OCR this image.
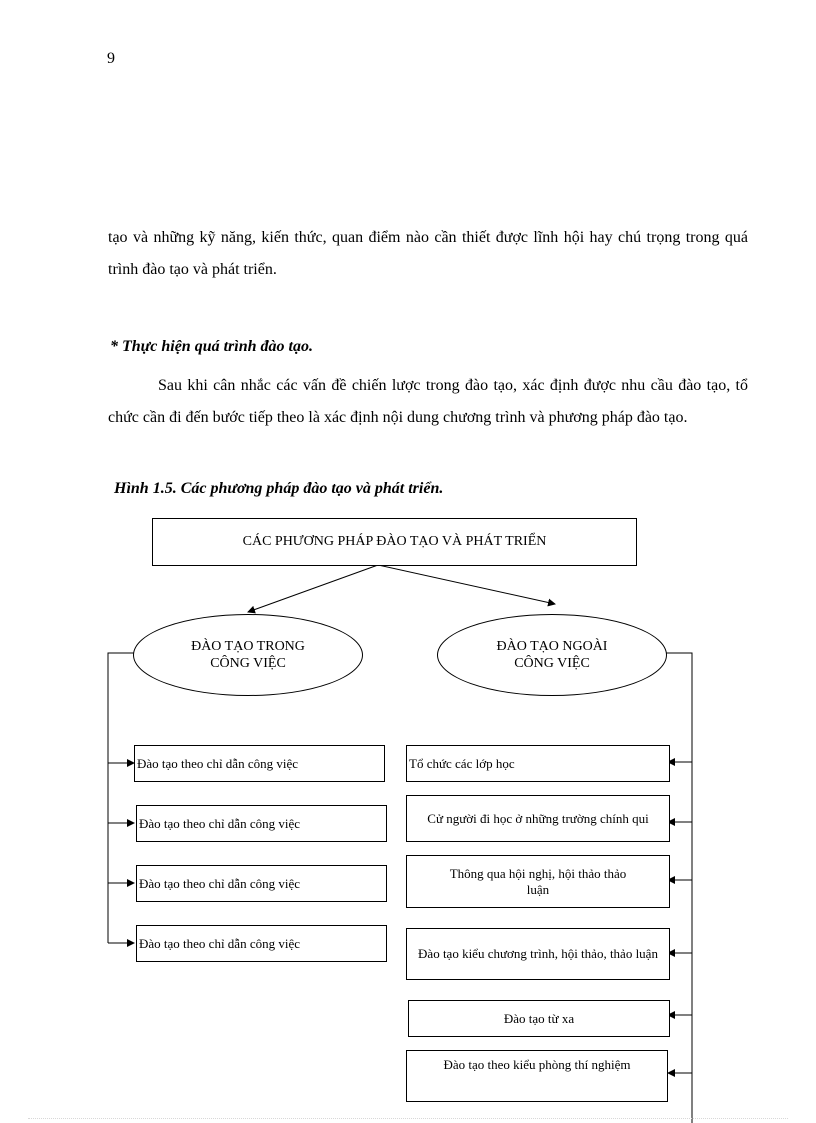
9
tạo và những kỹ năng, kiến thức, quan điểm nào cần thiết được lĩnh hội hay chú trọng trong quá trình đào tạo và phát triển.
* Thực hiện quá trình đào tạo.
Sau khi cân nhắc các vấn đề chiến lược trong đào tạo, xác định được nhu cầu đào tạo, tổ chức cần đi đến bước tiếp theo là xác định nội dung chương trình và phương pháp đào tạo.
Hình 1.5. Các phương pháp đào tạo và phát triển.
CÁC PHƯƠNG PHÁP ĐÀO TẠO VÀ PHÁT TRIỂN
ĐÀO TẠO TRONG CÔNG VIỆC
ĐÀO TẠO NGOÀI CÔNG VIỆC
Đào tạo theo chỉ dẫn công việc
Đào tạo theo chỉ dẫn công việc
Đào tạo theo chỉ dẫn công việc
Đào tạo theo chỉ dẫn công việc
Tổ chức các lớp học
Cử người đi học ở những trường chính qui
Thông qua hội nghị, hội thảo thảo luận
Đào tạo kiểu chương trình, hội thảo, thảo luận
Đào tạo từ xa
Đào tạo theo kiểu phòng thí nghiệm
